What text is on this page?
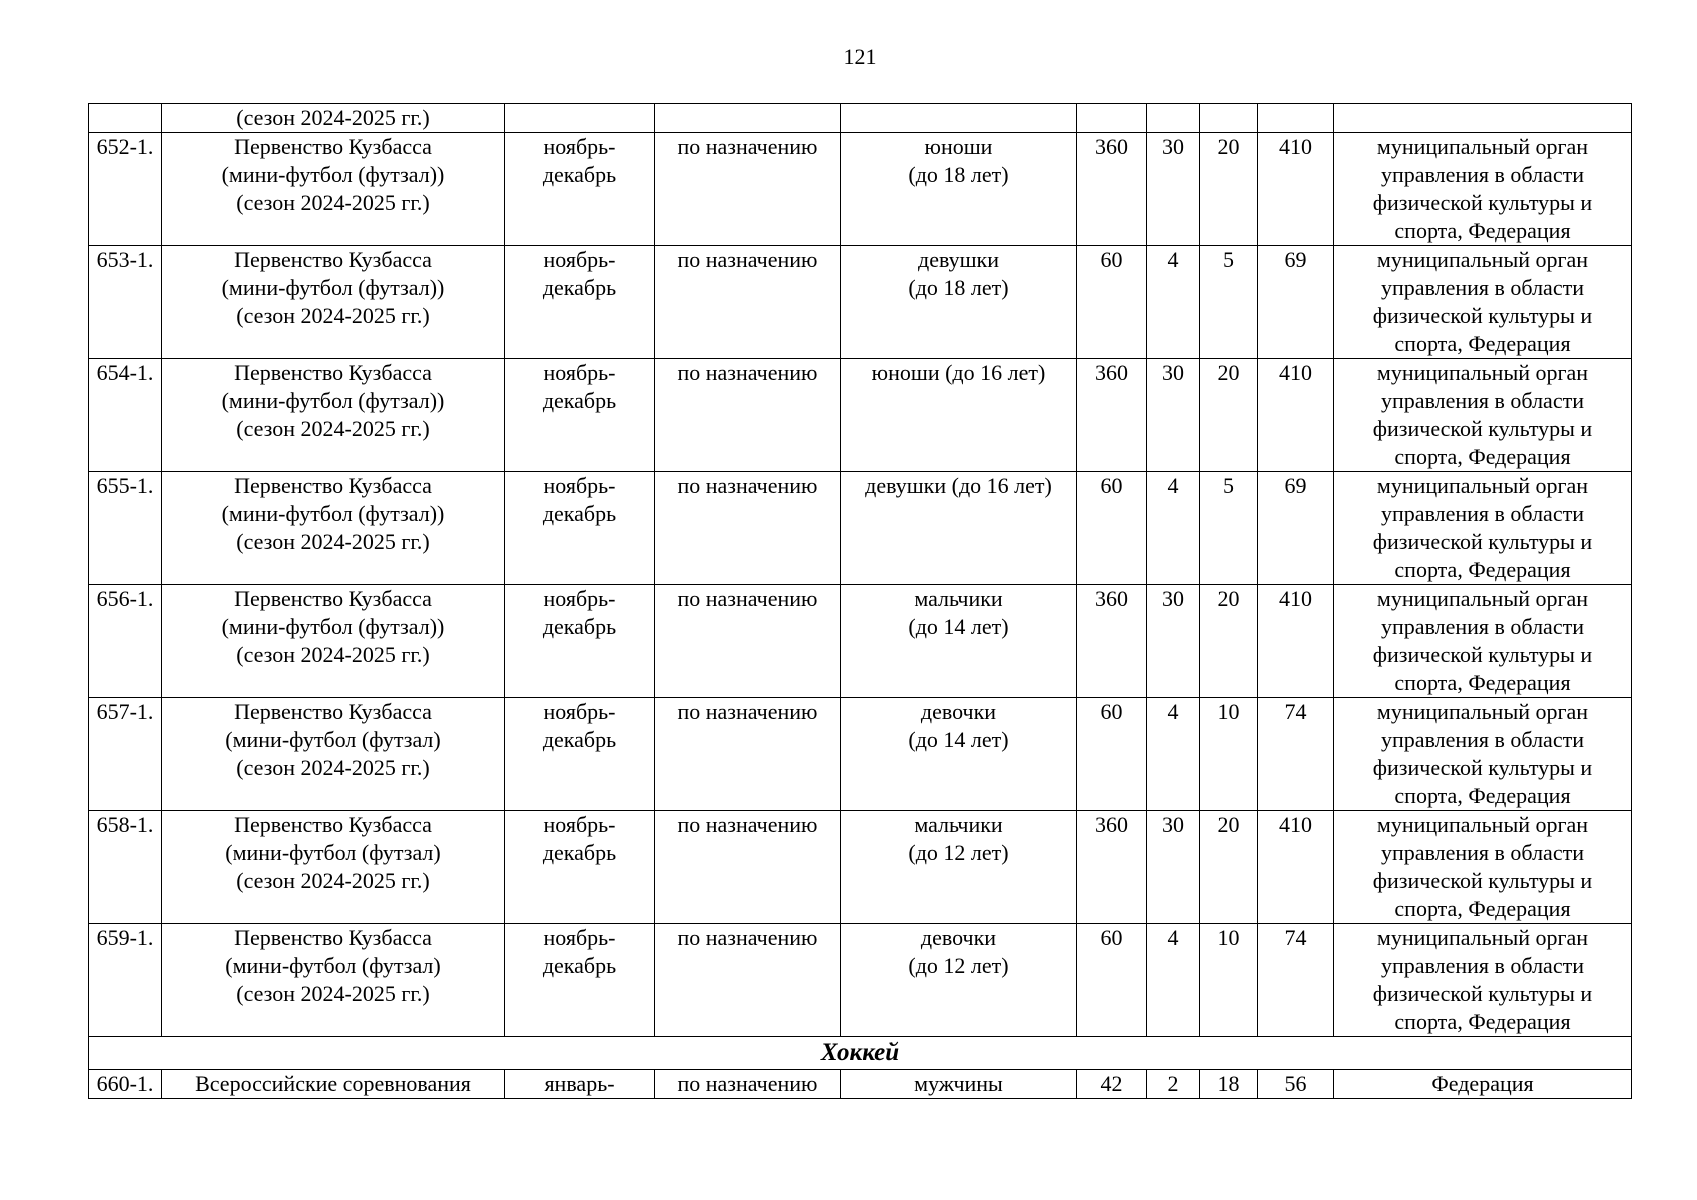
121

	(сезон 2024-2025 гг.)								

652-1.	Первенство Кузбасса
(мини-футбол (футзал))
(сезон 2024-2025 гг.)	ноябрь-
декабрь	по назначению	юноши
(до 18 лет)	360	30	20	410	муниципальный орган
управления в области
физической культуры и
спорта, Федерация

653-1.	Первенство Кузбасса
(мини-футбол (футзал))
(сезон 2024-2025 гг.)	ноябрь-
декабрь	по назначению	девушки
(до 18 лет)	60	4	5	69	муниципальный орган
управления в области
физической культуры и
спорта, Федерация

654-1.	Первенство Кузбасса
(мини-футбол (футзал))
(сезон 2024-2025 гг.)	ноябрь-
декабрь	по назначению	юноши (до 16 лет)	360	30	20	410	муниципальный орган
управления в области
физической культуры и
спорта, Федерация

655-1.	Первенство Кузбасса
(мини-футбол (футзал))
(сезон 2024-2025 гг.)	ноябрь-
декабрь	по назначению	девушки (до 16 лет)	60	4	5	69	муниципальный орган
управления в области
физической культуры и
спорта, Федерация

656-1.	Первенство Кузбасса
(мини-футбол (футзал))
(сезон 2024-2025 гг.)	ноябрь-
декабрь	по назначению	мальчики
(до 14 лет)	360	30	20	410	муниципальный орган
управления в области
физической культуры и
спорта, Федерация

657-1.	Первенство Кузбасса
(мини-футбол (футзал)
(сезон 2024-2025 гг.)	ноябрь-
декабрь	по назначению	девочки
(до 14 лет)	60	4	10	74	муниципальный орган
управления в области
физической культуры и
спорта, Федерация

658-1.	Первенство Кузбасса
(мини-футбол (футзал)
(сезон 2024-2025 гг.)	ноябрь-
декабрь	по назначению	мальчики
(до 12 лет)	360	30	20	410	муниципальный орган
управления в области
физической культуры и
спорта, Федерация

659-1.	Первенство Кузбасса
(мини-футбол (футзал)
(сезон 2024-2025 гг.)	ноябрь-
декабрь	по назначению	девочки
(до 12 лет)	60	4	10	74	муниципальный орган
управления в области
физической культуры и
спорта, Федерация

Хоккей									
660-1.	Всероссийские соревнования	январь-	по назначению	мужчины	42	2	18	56	Федерация
